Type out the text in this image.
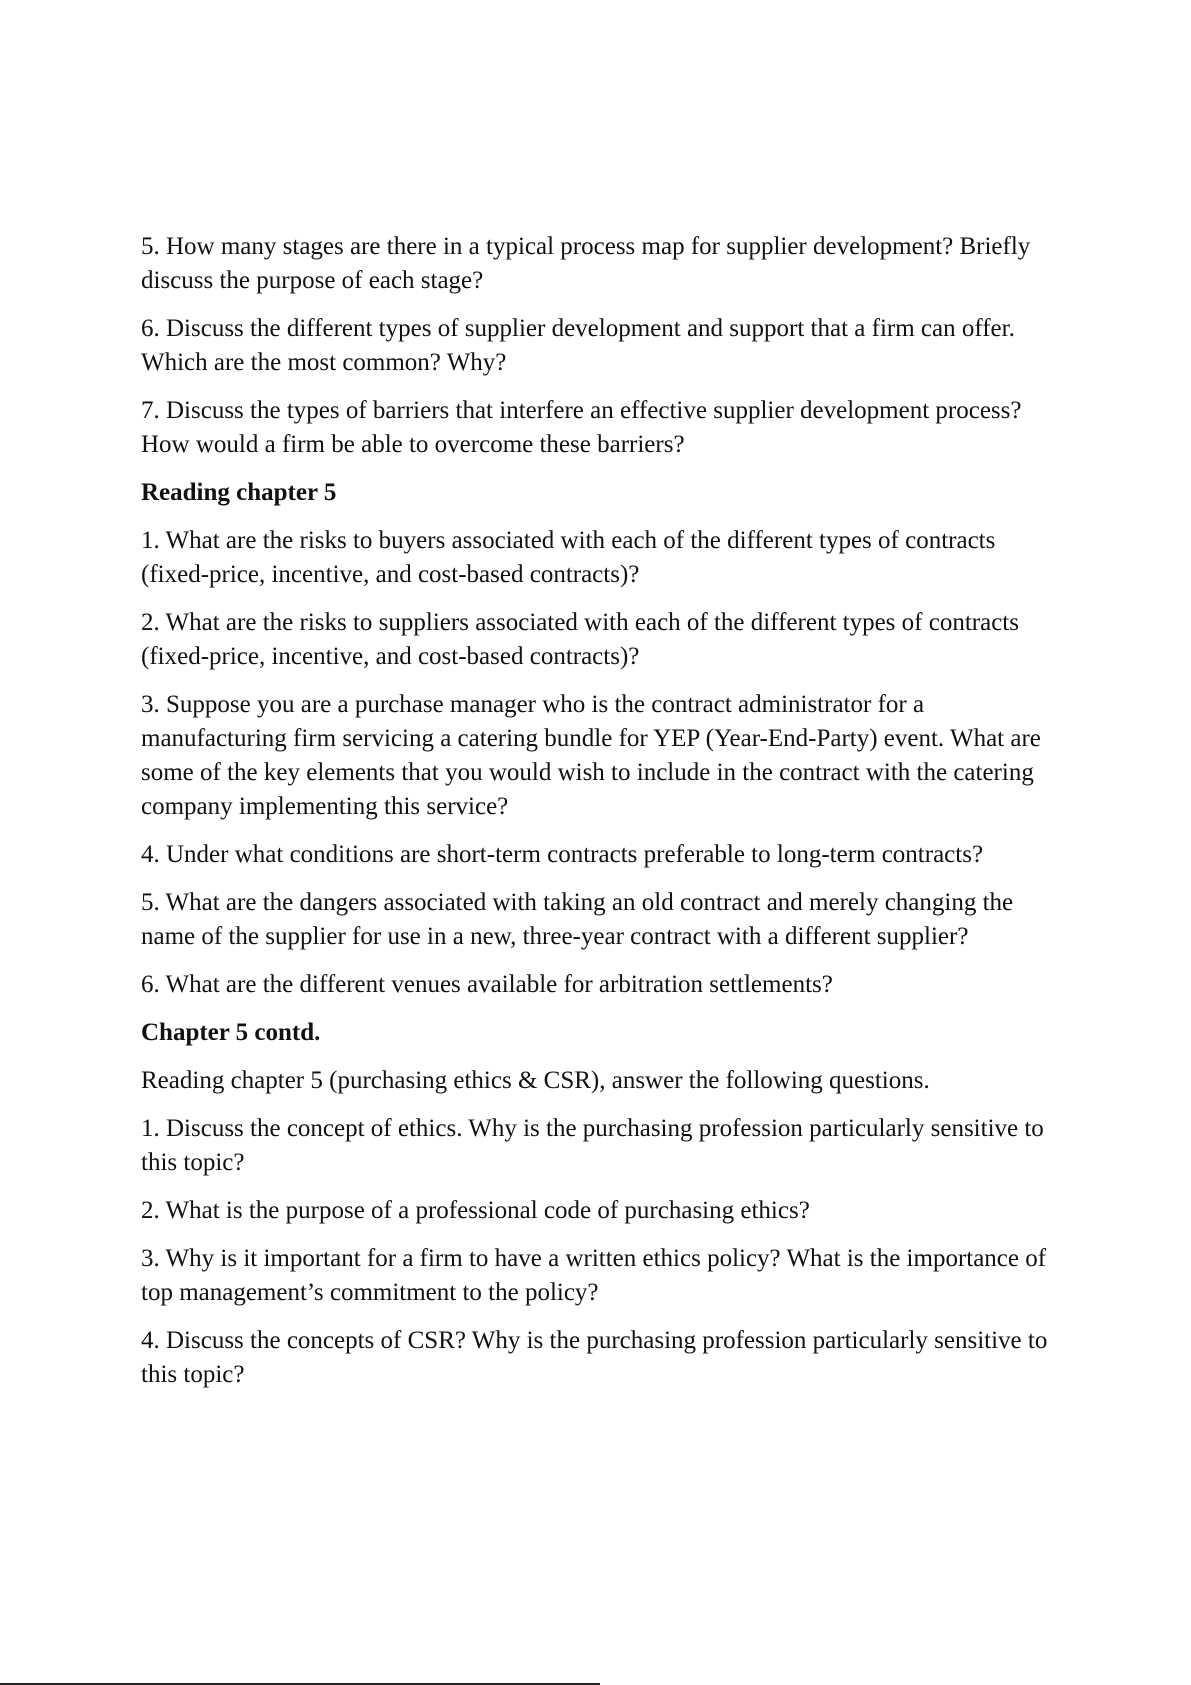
5. How many stages are there in a typical process map for supplier development? Briefly discuss the purpose of each stage?

6. Discuss the different types of supplier development and support that a firm can offer. Which are the most common? Why?

7. Discuss the types of barriers that interfere an effective supplier development process? How would a firm be able to overcome these barriers?

Reading chapter 5

1. What are the risks to buyers associated with each of the different types of contracts (fixed-price, incentive, and cost-based contracts)?

2. What are the risks to suppliers associated with each of the different types of contracts (fixed-price, incentive, and cost-based contracts)?

3. Suppose you are a purchase manager who is the contract administrator for a manufacturing firm servicing a catering bundle for YEP (Year-End-Party) event. What are some of the key elements that you would wish to include in the contract with the catering company implementing this service?

4. Under what conditions are short-term contracts preferable to long-term contracts?

5. What are the dangers associated with taking an old contract and merely changing the name of the supplier for use in a new, three-year contract with a different supplier?

6. What are the different venues available for arbitration settlements?

Chapter 5 contd.

Reading chapter 5 (purchasing ethics & CSR), answer the following questions.

1. Discuss the concept of ethics. Why is the purchasing profession particularly sensitive to this topic?

2. What is the purpose of a professional code of purchasing ethics?

3. Why is it important for a firm to have a written ethics policy? What is the importance of top management’s commitment to the policy?

4. Discuss the concepts of CSR? Why is the purchasing profession particularly sensitive to this topic?
